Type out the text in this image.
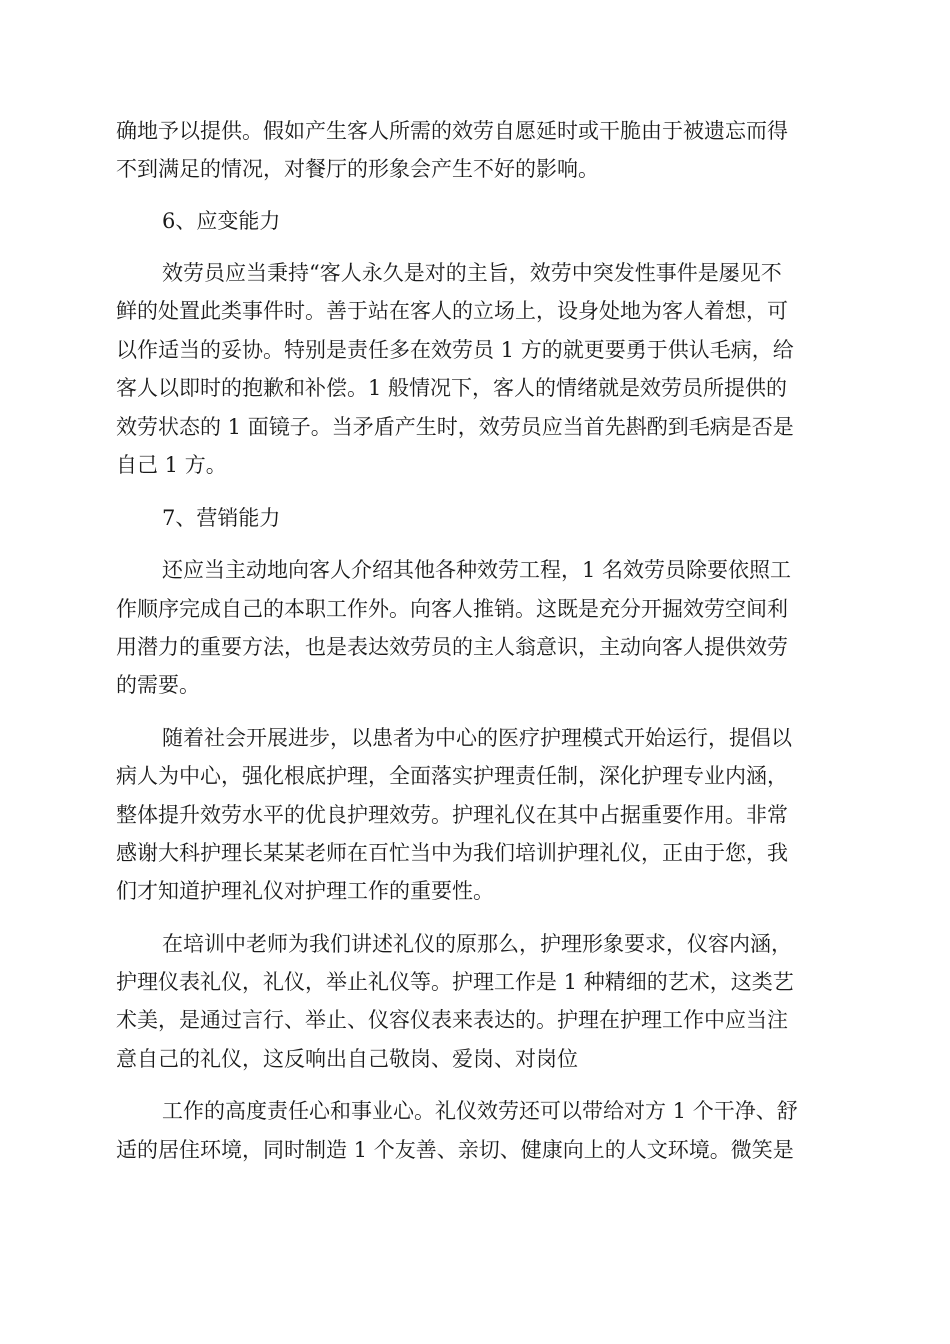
确地予以提供。假如产生客人所需的效劳自愿延时或干脆由于被遗忘而得

不到满足的情况，对餐厅的形象会产生不好的影响。

6、应变能力

效劳员应当秉持“客人永久是对的主旨，效劳中突发性事件是屡见不

鲜的处置此类事件时。善于站在客人的立场上，设身处地为客人着想，可

以作适当的妥协。特别是责任多在效劳员 1 方的就更要勇于供认毛病，给

客人以即时的抱歉和补偿。1 般情况下，客人的情绪就是效劳员所提供的

效劳状态的 1 面镜子。当矛盾产生时，效劳员应当首先斟酌到毛病是否是

自己 1 方。

7、营销能力

还应当主动地向客人介绍其他各种效劳工程，1 名效劳员除要依照工

作顺序完成自己的本职工作外。向客人推销。这既是充分开掘效劳空间利

用潜力的重要方法，也是表达效劳员的主人翁意识，主动向客人提供效劳

的需要。

随着社会开展进步，以患者为中心的医疗护理模式开始运行，提倡以

病人为中心，强化根底护理，全面落实护理责任制，深化护理专业内涵，

整体提升效劳水平的优良护理效劳。护理礼仪在其中占据重要作用。非常

感谢大科护理长某某老师在百忙当中为我们培训护理礼仪，正由于您，我

们才知道护理礼仪对护理工作的重要性。

在培训中老师为我们讲述礼仪的原那么，护理形象要求，仪容内涵，

护理仪表礼仪，礼仪，举止礼仪等。护理工作是 1 种精细的艺术，这类艺

术美，是通过言行、举止、仪容仪表来表达的。护理在护理工作中应当注

意自己的礼仪，这反响出自己敬岗、爱岗、对岗位

工作的高度责任心和事业心。礼仪效劳还可以带给对方 1 个干净、舒

适的居住环境，同时制造 1 个友善、亲切、健康向上的人文环境。微笑是
